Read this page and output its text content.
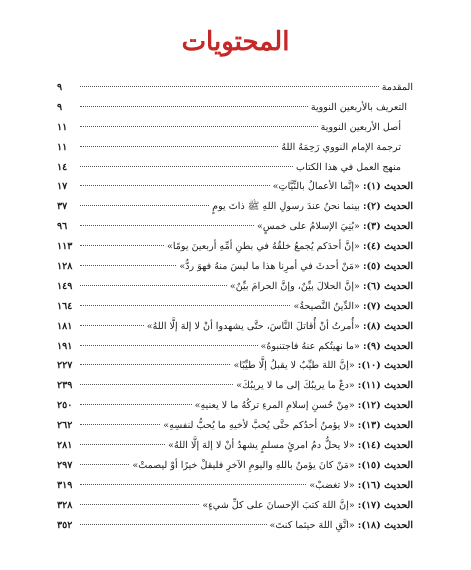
المحتويات
المقدمة
٩
التعريف بالأربعين النووية
٩
أصل الأربعين النووية
١١
ترجمة الإمام النووي رَحِمَهُ اللهُ
١١
منهج العمل في هذا الكتاب
١٤
الحديث (١): «إنَّما الأعمالُ بالنِّيَّاتِ»
١٧
الحديث (٢): بينما نحنُ عندَ رسولِ اللهِ ﷺ ذاتَ يومٍ
٣٧
الحديث (٣): «بُنِيَ الإسلامُ على خمسٍ»
٩٦
الحديث (٤): «إنَّ أحدَكم يُجمعُ خلقُهُ في بطنِ أمِّهِ أربعينَ يومًا»
١١٣
الحديث (٥): «مَنْ أحدثَ في أمرِنا هذا ما ليسَ منهُ فهوَ ردٌّ»
١٢٨
الحديث (٦): «إنَّ الحلالَ بيِّنٌ، وإنَّ الحرامَ بيِّنٌ»
١٤٩
الحديث (٧): «الدِّينُ النَّصيحةُ»
١٦٤
الحديث (٨): «أُمرتُ أنْ أُقاتلَ النَّاسَ، حتَّى يشهدوا أنْ لا إلهَ إلَّا اللهُ»
١٨١
الحديث (٩): «ما نهيتُكم عنهُ فاجتنبوهُ»
١٩١
الحديث (١٠): «إنَّ اللهَ طيِّبٌ لا يقبلُ إلَّا طيِّبًا»
٢٢٧
الحديث (١١): «دعْ ما يريبُكَ إلى ما لا يريبُكَ»
٢٣٩
الحديث (١٢): «مِنْ حُسنِ إسلامِ المرءِ تركُهُ ما لا يعنيهِ»
٢٥٠
الحديث (١٣): «لا يؤمنُ أحدُكم حتَّى يُحبَّ لأخيهِ ما يُحبُّ لنفسِهِ»
٢٦٢
الحديث (١٤): «لا يحلُّ دمُ امرئٍ مسلمٍ يشهدُ أنْ لا إلهَ إلَّا اللهُ»
٢٨١
الحديث (١٥): «مَنْ كانَ يؤمنُ باللهِ واليومِ الآخرِ فليقلْ خيرًا أوْ ليصمتْ»
٢٩٧
الحديث (١٦): «لا تغضبْ»
٣١٩
الحديث (١٧): «إنَّ اللهَ كتبَ الإحسانَ على كلِّ شيءٍ»
٣٢٨
الحديث (١٨): «اتَّقِ اللهَ حيثما كنتَ»
٣٥٢
